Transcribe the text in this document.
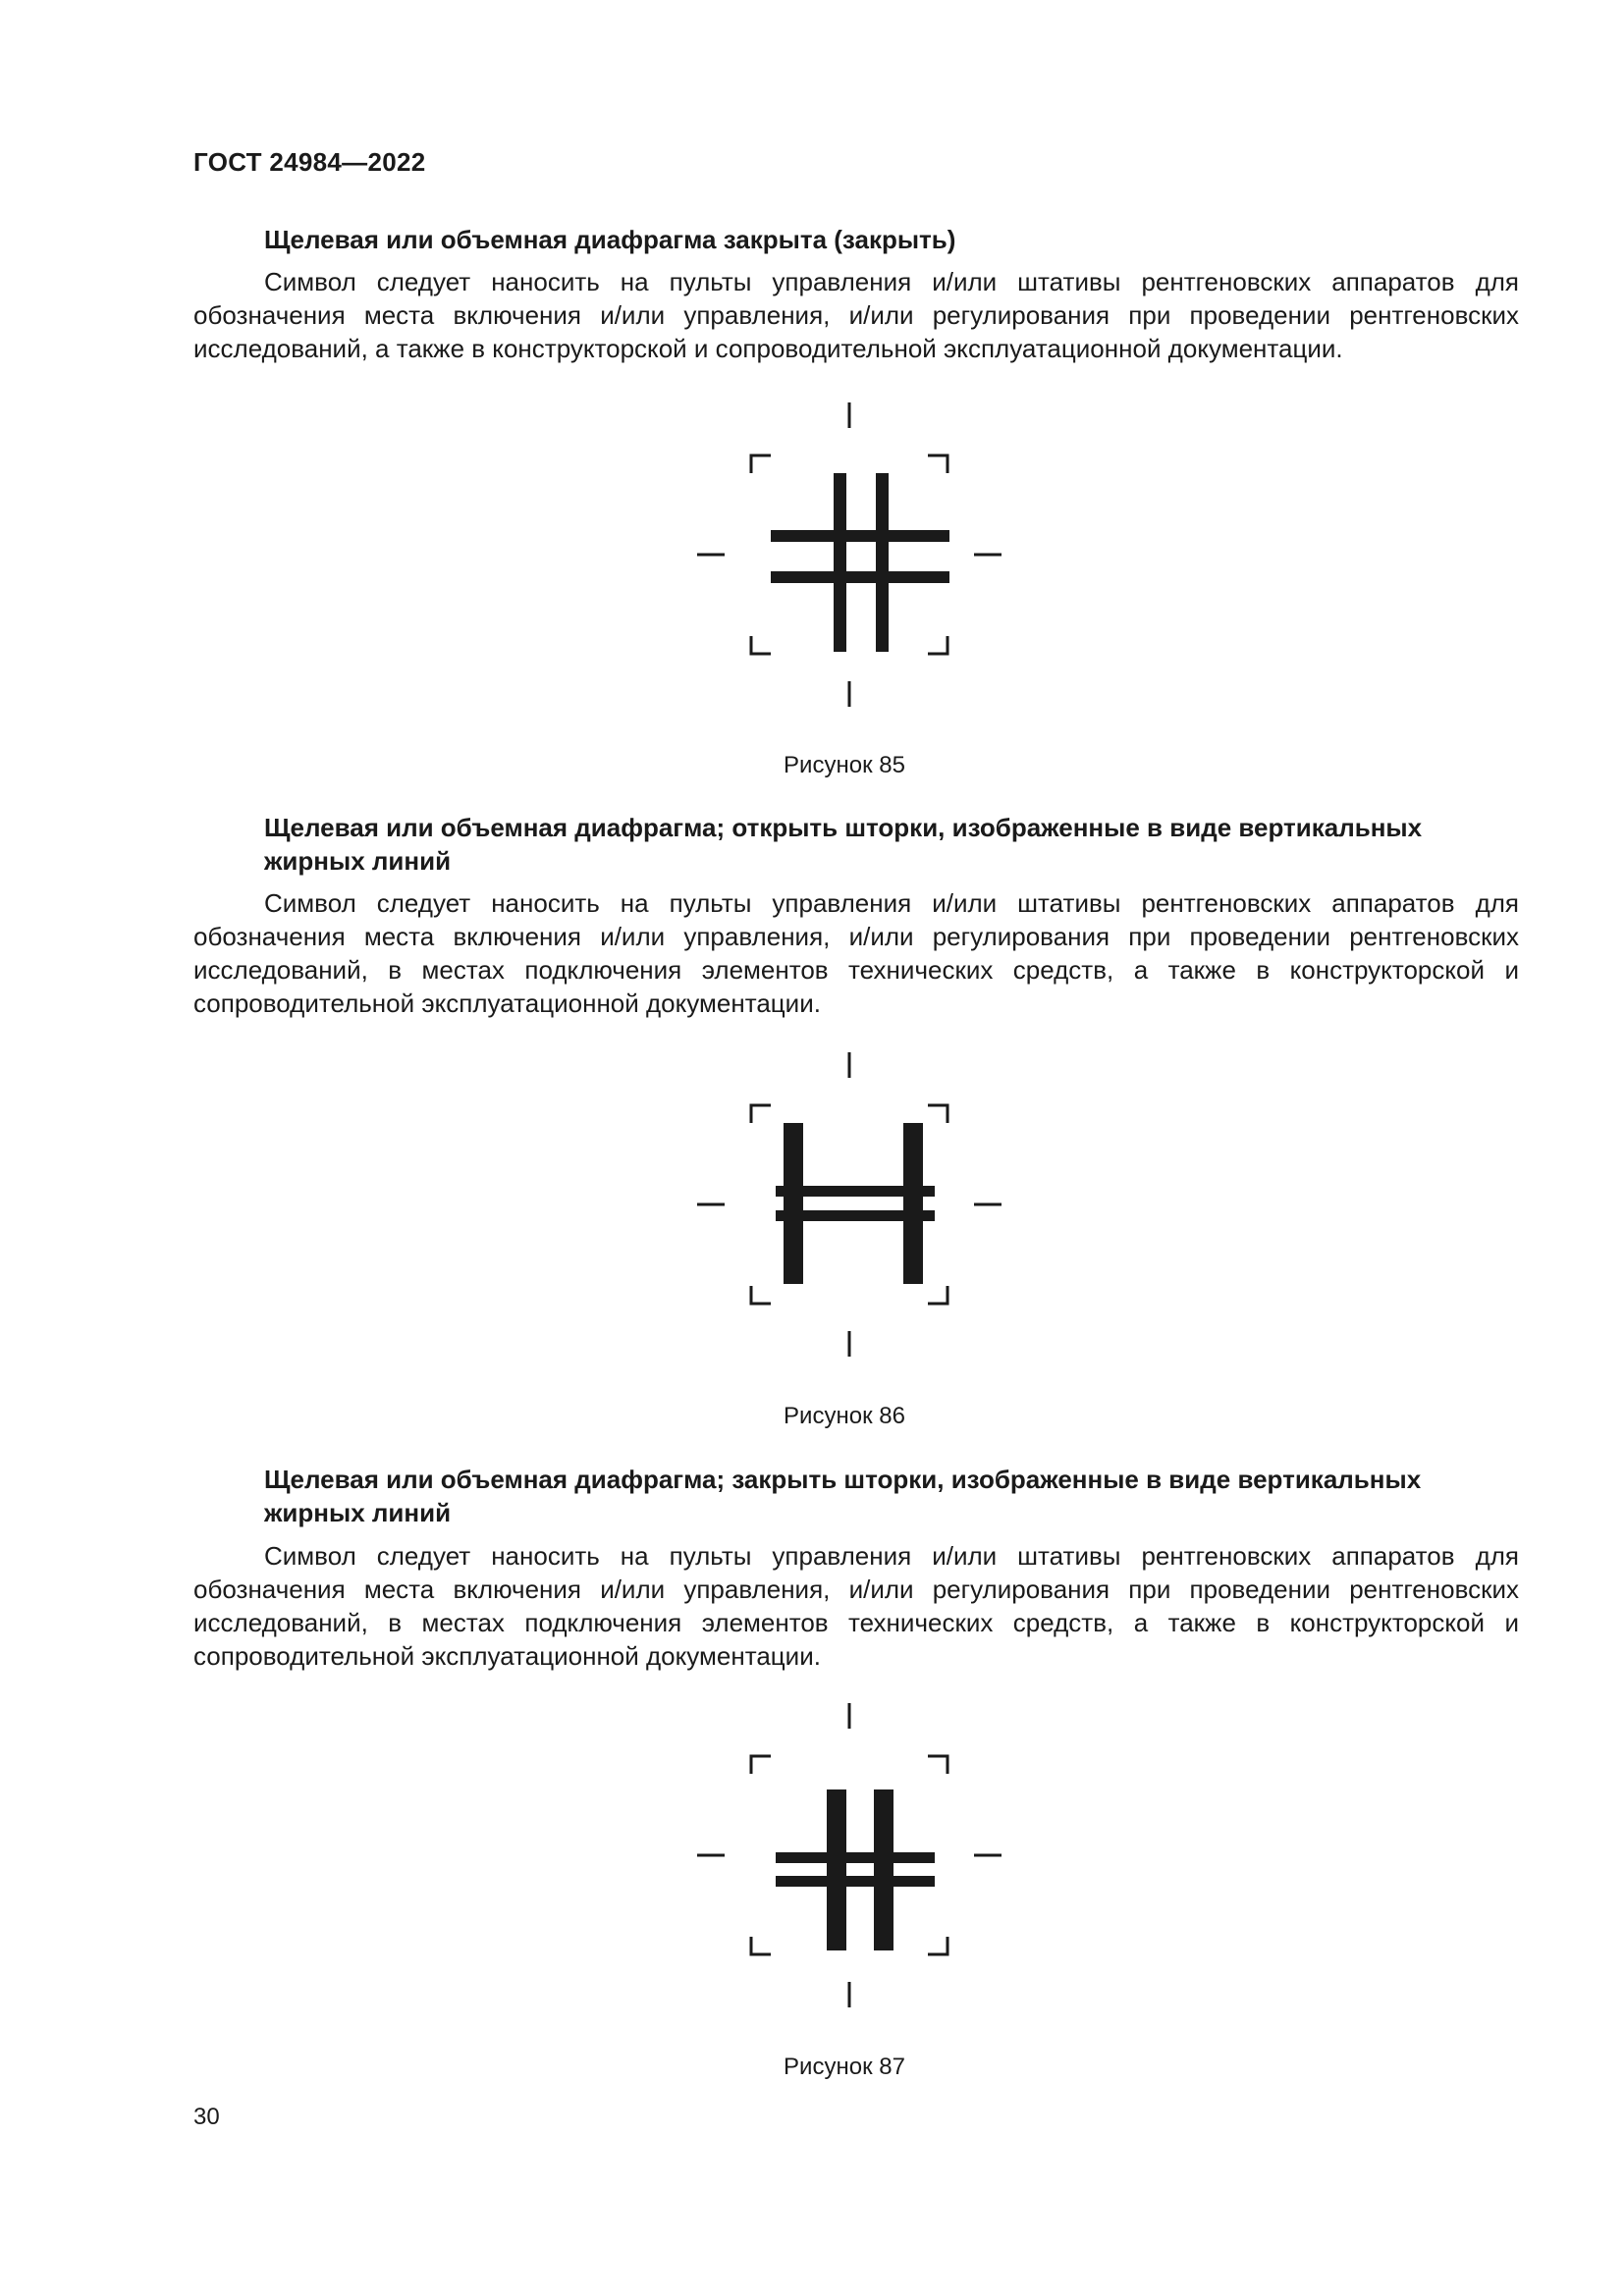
ГОСТ 24984—2022

Щелевая или объемная диафрагма закрыта (закрыть)

Символ следует наносить на пульты управления и/или штативы рентгеновских аппаратов для обозначения места включения и/или управления, и/или регулирования при проведении рентгеновских исследований, а также в конструкторской и сопроводительной эксплуатационной документации.

Рисунок 85

Щелевая или объемная диафрагма; открыть шторки, изображенные в виде вертикальных жирных линий

Символ следует наносить на пульты управления и/или штативы рентгеновских аппаратов для обозначения места включения и/или управления, и/или регулирования при проведении рентгеновских исследований, в местах подключения элементов технических средств, а также в конструкторской и сопроводительной эксплуатационной документации.

Рисунок 86

Щелевая или объемная диафрагма; закрыть шторки, изображенные в виде вертикальных жирных линий

Символ следует наносить на пульты управления и/или штативы рентгеновских аппаратов для обозначения места включения и/или управления, и/или регулирования при проведении рентгеновских исследований, в местах подключения элементов технических средств, а также в конструкторской и сопроводительной эксплуатационной документации.

Рисунок 87

30
